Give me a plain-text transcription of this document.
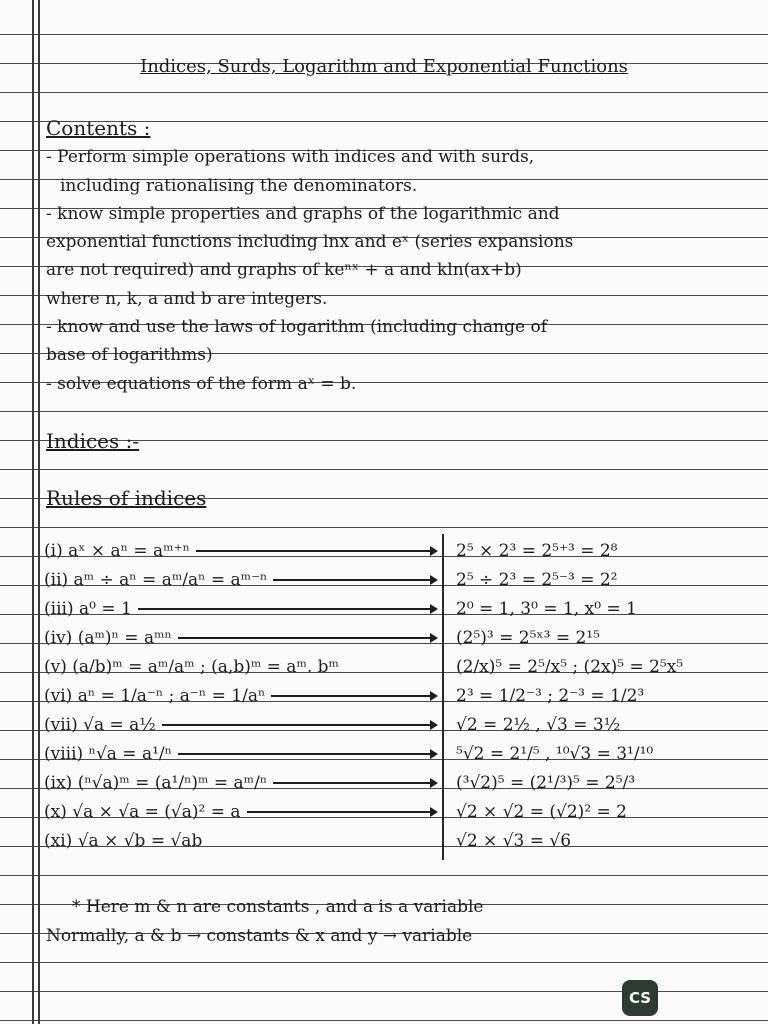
Indices, Surds, Logarithm and Exponential Functions
Contents :
- Perform simple operations with indices and with surds,
including rationalising the denominators.
- know simple properties and graphs of the logarithmic and
exponential functions including lnx and eˣ (series expansions
are not required) and graphs of keⁿˣ + a and kln(ax+b)
where n, k, a and b are integers.
- know and use the laws of logarithm (including change of
base of logarithms)
- solve equations of the form aˣ = b.
Indices :-
Rules of indices
(i) aˣ × aⁿ = aᵐ⁺ⁿ	2⁵ × 2³ = 2⁵⁺³ = 2⁸
(ii) aᵐ ÷ aⁿ = aᵐ/aⁿ = aᵐ⁻ⁿ	2⁵ ÷ 2³ = 2⁵⁻³ = 2²
(iii) a⁰ = 1	2⁰ = 1, 3⁰ = 1, x⁰ = 1
(iv) (aᵐ)ⁿ = aᵐⁿ	(2⁵)³ = 2⁵ˣ³ = 2¹⁵
(v) (a/b)ᵐ = aᵐ/aᵐ ; (a,b)ᵐ = aᵐ. bᵐ	(2/x)⁵ = 2⁵/x⁵ ; (2x)⁵ = 2⁵x⁵
(vi) aⁿ = 1/a⁻ⁿ ; a⁻ⁿ = 1/aⁿ	2³ = 1/2⁻³ ; 2⁻³ = 1/2³
(vii) √a = a½	√2 = 2½ , √3 = 3½
(viii) ⁿ√a = a¹/ⁿ	⁵√2 = 2¹/⁵ , ¹⁰√3 = 3¹/¹⁰
(ix) (ⁿ√a)ᵐ = (a¹/ⁿ)ᵐ = aᵐ/ⁿ	(³√2)⁵ = (2¹/³)⁵ = 2⁵/³
(x) √a × √a = (√a)² = a	√2 × √2 = (√2)² = 2
(xi) √a × √b = √ab	√2 × √3 = √6
* Here m & n are constants , and a is a variable
Normally, a & b → constants & x and y → variable
CS
